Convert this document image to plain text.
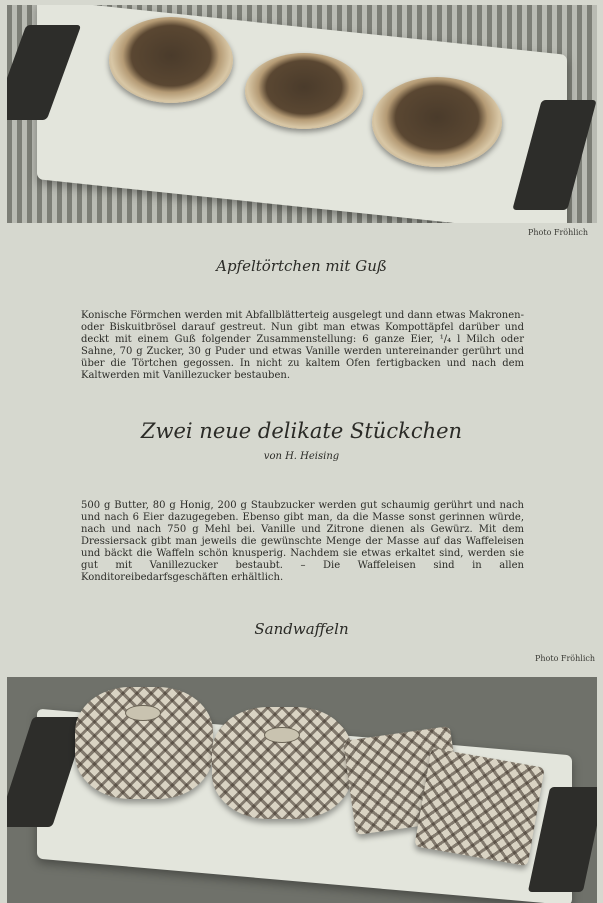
Photo Fröhlich
Apfeltörtchen mit Guß
Konische Förmchen werden mit Abfallblätterteig ausgelegt und dann etwas Makronen- oder Biskuitbrösel darauf gestreut. Nun gibt man etwas Kompottäpfel darüber und deckt mit einem Guß folgender Zusammenstellung: 6 ganze Eier, ¹/₄ l Milch oder Sahne, 70 g Zucker, 30 g Puder und etwas Vanille werden untereinander gerührt und über die Törtchen gegossen. In nicht zu kaltem Ofen fertigbacken und nach dem Kaltwerden mit Vanillezucker bestauben.
Zwei neue delikate Stückchen
von H. Heising
500 g Butter, 80 g Honig, 200 g Staubzucker werden gut schaumig gerührt und nach und nach 6 Eier dazugegeben. Ebenso gibt man, da die Masse sonst gerinnen würde, nach und nach 750 g Mehl bei. Vanille und Zitrone dienen als Gewürz. Mit dem Dressiersack gibt man jeweils die gewünschte Menge der Masse auf das Waffeleisen und bäckt die Waffeln schön knusperig. Nachdem sie etwas erkaltet sind, werden sie gut mit Vanillezucker bestaubt. – Die Waffeleisen sind in allen Konditoreibedarfsgeschäften erhältlich.
Sandwaffeln
Photo Fröhlich
